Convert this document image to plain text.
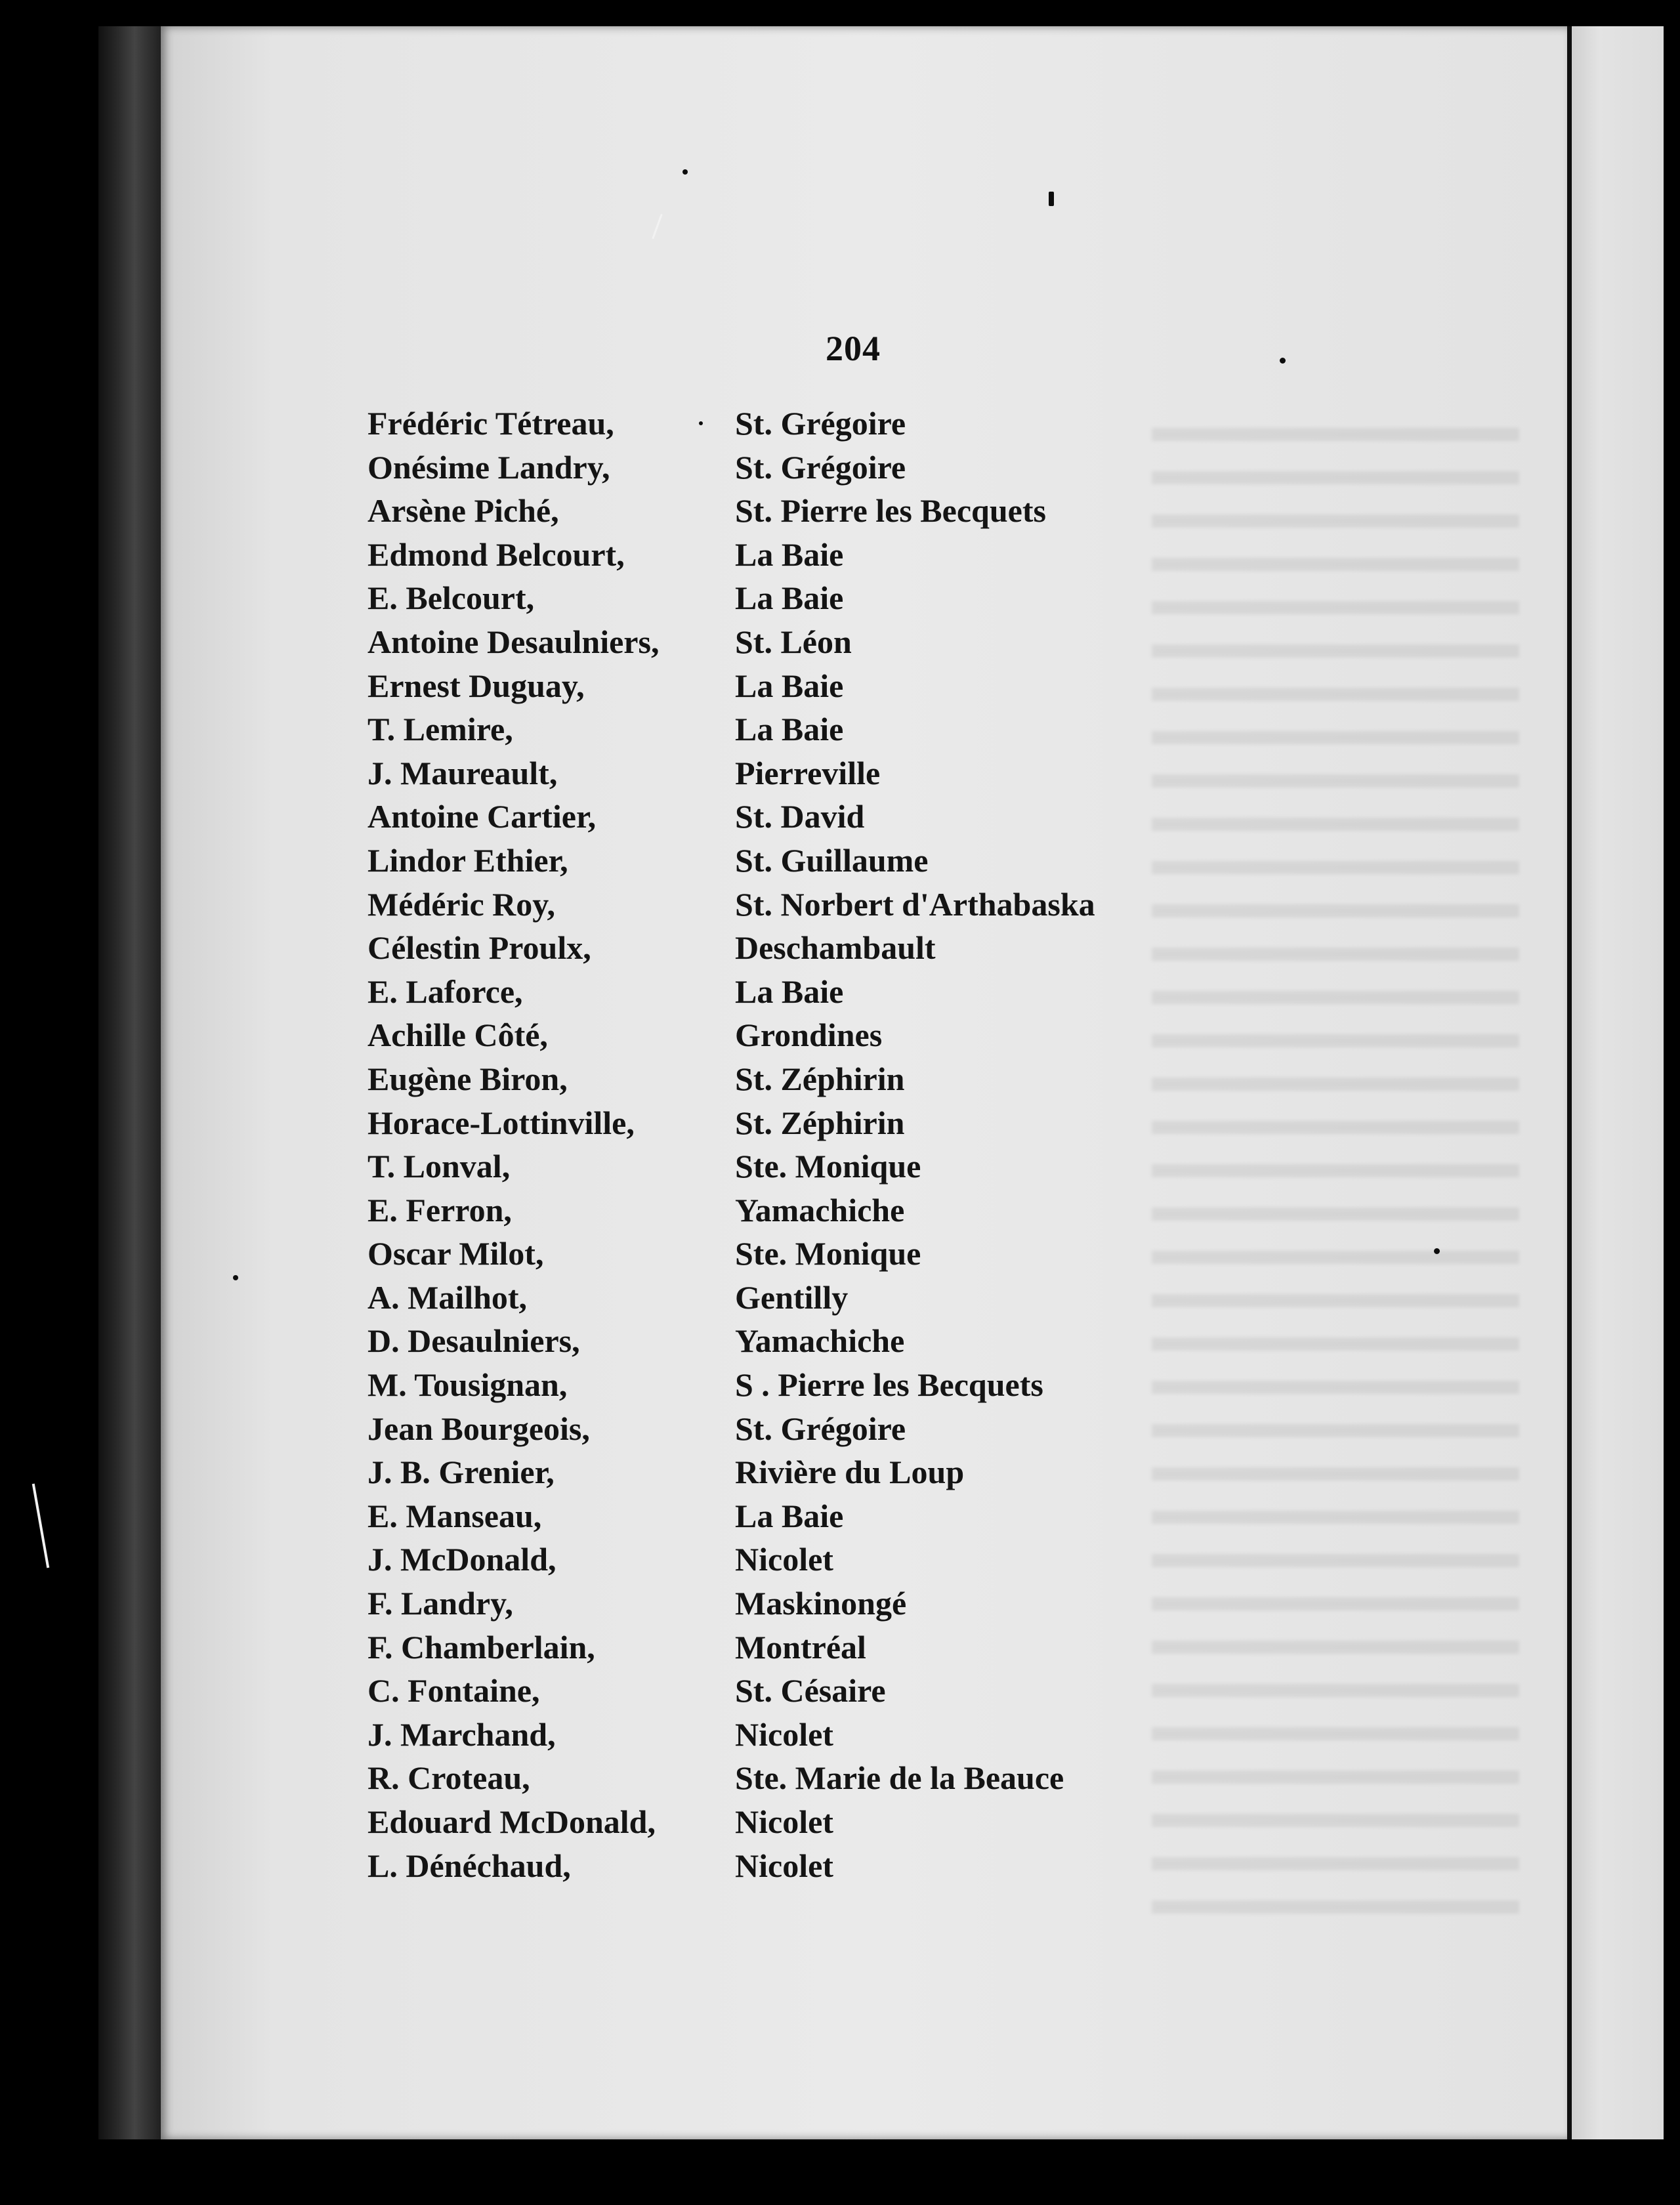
204
Frédéric Tétreau,	St. Grégoire
Onésime Landry,	St. Grégoire
Arsène Piché,	St. Pierre les Becquets
Edmond Belcourt,	La Baie
E. Belcourt,	La Baie
Antoine Desaulniers, St. Léon
Ernest Duguay,	La Baie
T. Lemire,	La Baie
J. Maureault,	Pierreville
Antoine Cartier,	St. David
Lindor Ethier,	St. Guillaume
Médéric Roy,	St. Norbert d'Arthabaska
Célestin Proulx,	Deschambault
E. Laforce,	La Baie
Achille Côté,	Grondines
Eugène Biron,	St. Zéphirin
Horace-Lottinville,	St. Zéphirin
T. Lonval,	Ste. Monique
E. Ferron,	Yamachiche
Oscar Milot,	Ste. Monique
A. Mailhot,	Gentilly
D. Desaulniers,	Yamachiche
M. Tousignan,	S . Pierre les Becquets
Jean Bourgeois,	St. Grégoire
J. B. Grenier,	Rivière du Loup
E. Manseau,	La Baie
J. McDonald,	Nicolet
F. Landry,	Maskinongé
F. Chamberlain,	Montréal
C. Fontaine,	St. Césaire
J. Marchand,	Nicolet
R. Croteau,	Ste. Marie de la Beauce
Edouard McDonald, Nicolet
L. Dénéchaud,	Nicolet
